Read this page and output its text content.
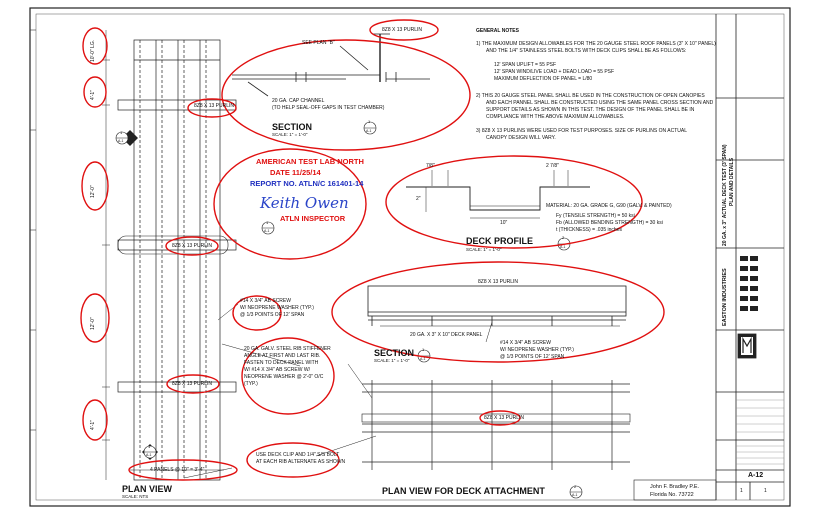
AMERICAN TEST LAB NORTH
DATE 11/25/14
REPORT NO. ATLN/C 161401-14
Keith Owen
ATLN INSPECTOR
GENERAL NOTES
1) THE MAXIMUM DESIGN ALLOWABLES FOR THE 20 GAUGE STEEL ROOF PANELS (3" X 10" PANEL)
AND THE 1/4" STAINLESS STEEL BOLTS WITH DECK CLIPS SHALL BE AS FOLLOWS:
12' SPAN UPLIFT = 55 PSF
12' SPAN WIND/LIVE LOAD + DEAD LOAD = 55 PSF
MAXIMUM DEFLECTION OF PANEL = L/80
2) THIS 20 GAUGE STEEL PANEL SHALL BE USED IN THE CONSTRUCTION OF OPEN CANOPIES
AND EACH PANNEL SHALL BE CONSTRUCTED USING THE SAME PANEL CROSS SECTION AND
SUPPORT DETAILS AS SHOWN IN THIS TEST. THE DESIGN OF THE PANEL SHALL BE IN
COMPLIANCE WITH THE ABOVE MAXIMUM ALLOWABLES.
3) 8Z8 X 13 PURLINS WERE USED FOR TEST PURPOSES. SIZE OF PURLINS ON ACTUAL
CANOPY DESIGN WILL VARY.
SEE PLAN "B"
8Z8 X 13 PURLIN
20 GA. CAP CHANNEL
(TO HELP SEAL-OFF GAPS IN TEST CHAMBER)
SECTION
SCALE: 1" = 1'-0"
1
A-1
7/8"	2 7/8"
2"
10"
MATERIAL: 20 GA. GRADE G, G90 (GALV. & PAINTED)
Fy (TENSILE STRENGTH) = 50 ksi
Fb (ALLOWED BENDING STRENGTH) = 30 ksi
t (THICKNESS) = .035 inches
DECK PROFILE
SCALE: 1" = 1'-0"
2
A-1
10'-0" LG.
4'-1"
12'-0"
12'-0"
4'-1"
8Z8 X 13 PURLIN
8Z8 X 13 PURLIN
8Z8 X 13 PURLIN
4 PANELS @ 10" = 3'-4"
PLAN VIEW
SCALE: NTS
1
A-1
1
A-1
1
A-1
#14 X 3/4" AB SCREW
W/ NEOPRENE WASHER (TYP.)
@ 1/3 POINTS OF 12' SPAN
20 GA. GALV. STEEL RIB STIFFENER
ANGLE AT FIRST AND LAST RIB.
FASTEN TO DECK PANEL WITH
W/ #14 X 3/4" AB SCREW W/
NEOPRENE WASHER @ 2'-0" O/C
(TYP.)
USE DECK CLIP AND 1/4" S/S BOLT
AT EACH RIB ALTERNATE AS SHOWN
8Z8 X 13 PURLIN
20 GA. X 3" X 10" DECK PANEL
#14 X 3/4" AB SCREW
W/ NEOPRENE WASHER (TYP.)
@ 1/3 POINTS OF 12' SPAN
SECTION
SCALE: 1" = 1'-0"
1
A-1
8Z8 X 13 PURLIN
PLAN VIEW FOR DECK ATTACHMENT	2
A-1
John F. Bradley P.E.
Florida No. 73722
20 GA. x 3" ACTUAL DECK TEST (3' SPAN) PLAN AND DETAILS
EASTON INDUSTRIES
A-12
1	1
